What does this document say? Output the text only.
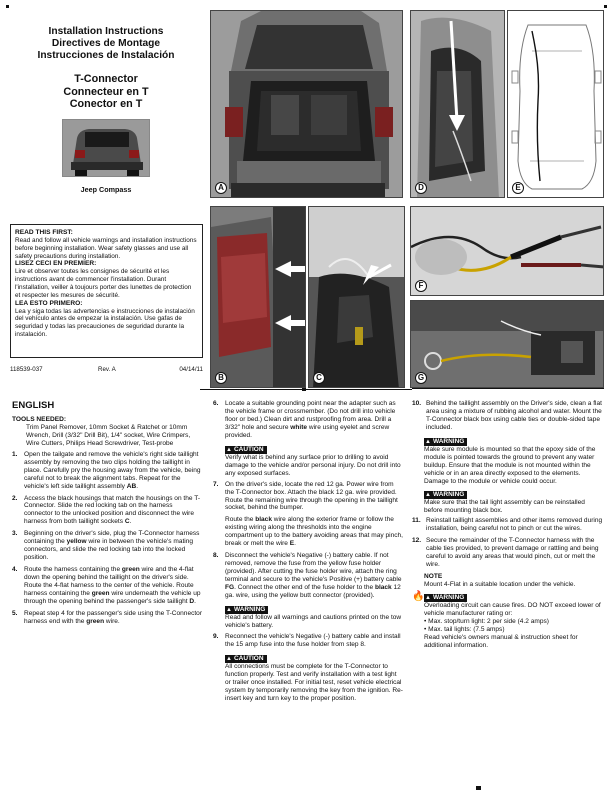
Installation Instructions
Directives de Montage
Instrucciones de Instalación
T-Connector
Connecteur en T
Conector en T
Jeep Compass
READ THIS FIRST:
Read and follow all vehicle warnings and installation instructions before beginning installation. Wear safety glasses and use all safety precautions during installation.
LISEZ CECI EN PREMIER:
Lire et observer toutes les consignes de sécurité et les instructions avant de commencer l'installation. Durant l'installation, veiller à toujours porter des lunettes de protection et respecter les mesures de sécurité.
LEA ESTO PRIMERO:
Lea y siga todas las advertencias e instrucciones de instalación del vehículo antes de empezar la instalación. Use gafas de seguridad y todas las precauciones de seguridad durante la instalación.
118539-037	Rev. A	04/14/11
A	D	E
B	C
F
G
ENGLISH
TOOLS NEEDED:
Trim Panel Remover, 10mm Socket & Ratchet or 10mm Wrench, Drill (3/32" Drill Bit), 1/4" socket, Wire Crimpers, Wire Cutters, Philips Head Screwdriver, Test-probe
1. Open the tailgate and remove the vehicle's right side taillight assembly by removing the two clips holding the taillight in place. Carefully pry the housing away from the vehicle, being careful not to break the alignment tabs. Repeat for the vehicle's left side taillight assembly AB.
2. Access the black housings that match the housings on the T-Connector. Slide the red locking tab on the harness connector to the unlocked position and disconnect the wire harness from both taillight sockets C.
3. Beginning on the driver's side, plug the T-Connector harness containing the yellow wire in between the vehicle's mating connectors, and slide the red locking tab into the locked position.
4. Route the harness containing the green wire and the 4-flat down the opening behind the taillight on the driver's side. Route the 4-flat harness to the center of the vehicle. Route harness containing the green wire underneath the vehicle up through the opening behind the passenger's side taillight D.
5. Repeat step 4 for the passenger's side using the T-Connector harness end with the green wire.
6. Locate a suitable grounding point near the adapter such as the vehicle frame or crossmember. (Do not drill into vehicle floor or bed.) Clean dirt and rustproofing from area. Drill a 3/32" hole and secure white wire using eyelet and screw provided.
▲ CAUTION
Verify what is behind any surface prior to drilling to avoid damage to the vehicle and/or personal injury. Do not drill into any exposed surfaces.
7. On the driver's side, locate the red 12 ga. Power wire from the T-Connector box. Attach the black 12 ga. wire provided. Route the remaining wire through the opening in the taillight socket, behind the bumper.
Route the black wire along the exterior frame or follow the existing wiring along the thresholds into the engine compartment up to the battery avoiding areas that may pinch, break or melt the wire E.
8. Disconnect the vehicle's Negative (-) battery cable. If not removed, remove the fuse from the yellow fuse holder (provided). After cutting the fuse holder wire, attach the ring terminal and secure to the vehicle's Positive (+) battery cable FG. Connect the other end of the fuse holder to the black 12 ga. wire, using the yellow butt connector (provided).
▲ WARNING
Read and follow all warnings and cautions printed on the tow vehicle's battery.
9. Reconnect the vehicle's Negative (-) battery cable and install the 15 amp fuse into the fuse holder from step 8.
▲ CAUTION
All connections must be complete for the T-Connector to function properly. Test and verify installation with a test light or trailer once installed. For initial test, reset vehicle electrical system by temporarily removing the key from the ignition. Re-insert key and turn key to the proper position.
10. Behind the taillight assembly on the Driver's side, clean a flat area using a mixture of rubbing alcohol and water. Mount the T-Connector black box using cable ties or double-sided tape included.
▲ WARNING
Make sure module is mounted so that the epoxy side of the module is pointed towards the ground to prevent any water buildup. Ensure that the module is not mounted within the vehicle or in an area directly exposed to the elements. Damage to the module or vehicle could occur.
▲ WARNING
Make sure that the tail light assembly can be reinstalled before mounting black box.
11. Reinstall taillight assemblies and other items removed during installation, being careful not to pinch or cut the wires.
12. Secure the remainder of the T-Connector harness with the cable ties provided, to prevent damage or rattling and being careful to avoid any areas that would pinch, cut or melt the wire.
NOTE
Mount 4-Flat in a suitable location under the vehicle.
🔥 ▲ WARNING
Overloading circuit can cause fires. DO NOT exceed lower of vehicle manufacturer rating or:
• Max. stop/turn light: 2 per side (4.2 amps)
• Max. tail lights: (7.5 amps)
Read vehicle's owners manual & instruction sheet for additional information.
